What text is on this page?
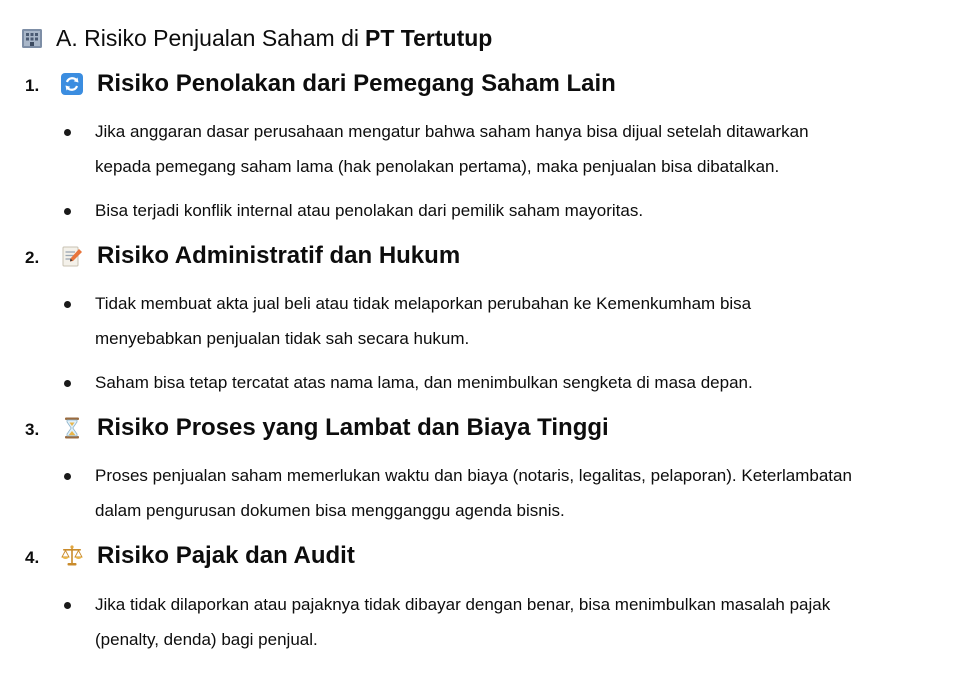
A. Risiko Penjualan Saham di PT Tertutup
1. Risiko Penolakan dari Pemegang Saham Lain
Jika anggaran dasar perusahaan mengatur bahwa saham hanya bisa dijual setelah ditawarkan
kepada pemegang saham lama (hak penolakan pertama), maka penjualan bisa dibatalkan.
Bisa terjadi konflik internal atau penolakan dari pemilik saham mayoritas.
2. Risiko Administratif dan Hukum
Tidak membuat akta jual beli atau tidak melaporkan perubahan ke Kemenkumham bisa
menyebabkan penjualan tidak sah secara hukum.
Saham bisa tetap tercatat atas nama lama, dan menimbulkan sengketa di masa depan.
3. Risiko Proses yang Lambat dan Biaya Tinggi
Proses penjualan saham memerlukan waktu dan biaya (notaris, legalitas, pelaporan). Keterlambatan
dalam pengurusan dokumen bisa mengganggu agenda bisnis.
4. Risiko Pajak dan Audit
Jika tidak dilaporkan atau pajaknya tidak dibayar dengan benar, bisa menimbulkan masalah pajak
(penalty, denda) bagi penjual.
